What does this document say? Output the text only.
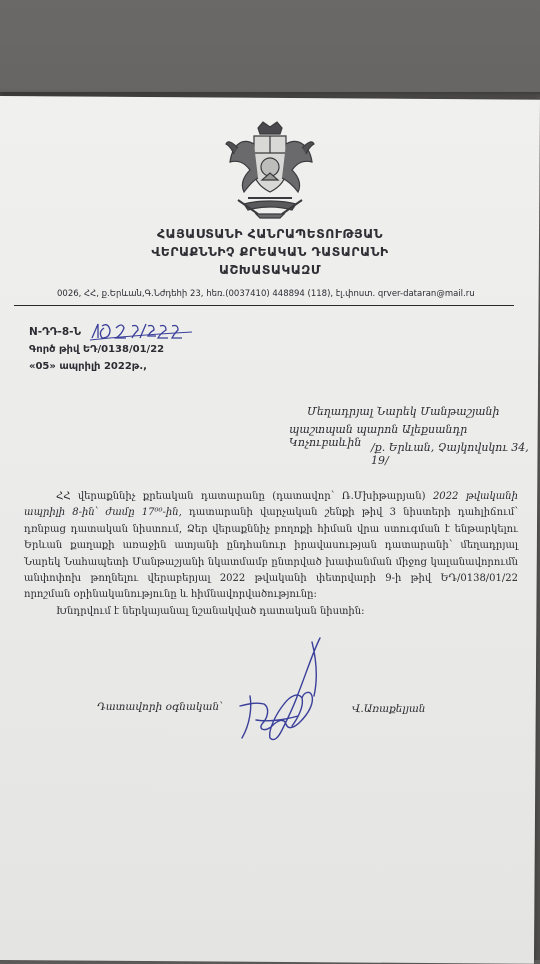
ՀԱՅԱՍՏԱՆԻ ՀԱՆՐԱՊԵՏՈՒԹՅԱՆ
ՎԵՐԱՔՆՆԻՉ ՔՐԵԱԿԱՆ ԴԱՏԱՐԱՆԻ
ԱՇԽԱՏԱԿԱԶՄ
0026, ՀՀ, ք.Երևան,Գ.Նժդեհի 23, հեռ.(0037410) 448894 (118), էլ.փոստ. qrver-dataran@mail.ru
N-ԴԴ-8-Ն
Գործ թիվ ԵԴ/0138/01/22
«05» ապրիլի 2022թ.,
Մեղադրյալ Նարեկ Մանթաշյանի
պաշտպան պարոն Ալեքսանդր Կոչուբաևին /ք. Երևան, Չայկովսկու 34, 19/

ՀՀ վերաքննիչ քրեական դատարանը (դատավոր՝ Ռ.Մխիթարյան) 2022 թվականի ապրիլի 8-ին՝ ժամը 17⁰⁰-ին, դատարանի վարչական շենքի թիվ 3 նիստերի դահլիճում՝ դռնբաց դատական նիստում, Ձեր վերաքննիչ բողոքի հիման վրա ստուգման է ենթարկելու Երևան քաղաքի առաջին ատյանի ընդհանուր իրավասության դատարանի՝ մեղադրյալ Նարեկ Նահապետի Մանթաշյանի նկատմամբ ընտրված խափանման միջոց կալանավորումն անփոփոխ թողնելու վերաբերյալ 2022 թվականի փետրվարի 9-ի թիվ ԵԴ/0138/01/22 որոշման օրինականությունը և հիմնավորվածությունը:

Խնդրվում է ներկայանալ նշանակված դատական նիստին:

Դատավորի օգնական՝	Վ.Առաքելյան
